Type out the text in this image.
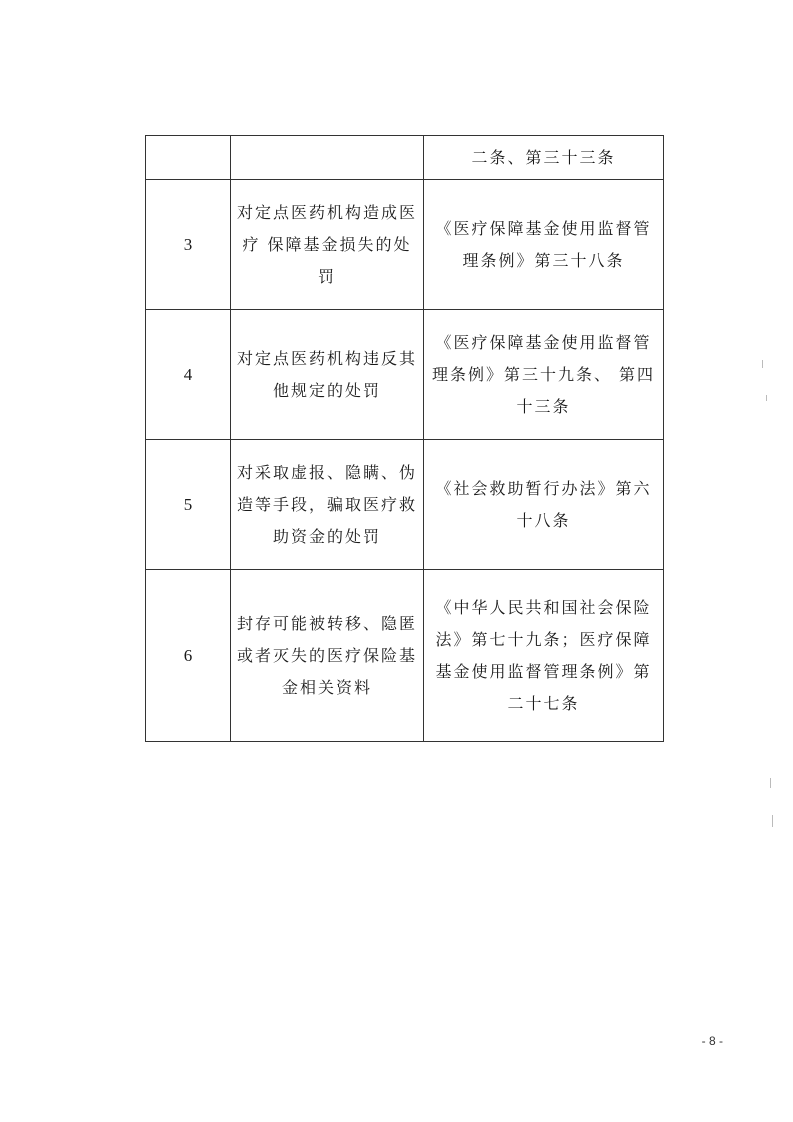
		二条、第三十三条
3	对定点医药机构造成医疗 保障基金损失的处罚	《医疗保障基金使用监督管理条例》第三十八条
4	对定点医药机构违反其他规定的处罚	《医疗保障基金使用监督管理条例》第三十九条、 第四十三条
5	对采取虚报、隐瞒、伪造等手段，骗取医疗救助资金的处罚	《社会救助暂行办法》第六十八条
6	封存可能被转移、隐匿或者灭失的医疗保险基金相关资料	《中华人民共和国社会保险法》第七十九条；医疗保障基金使用监督管理条例》第二十七条
- 8 -
